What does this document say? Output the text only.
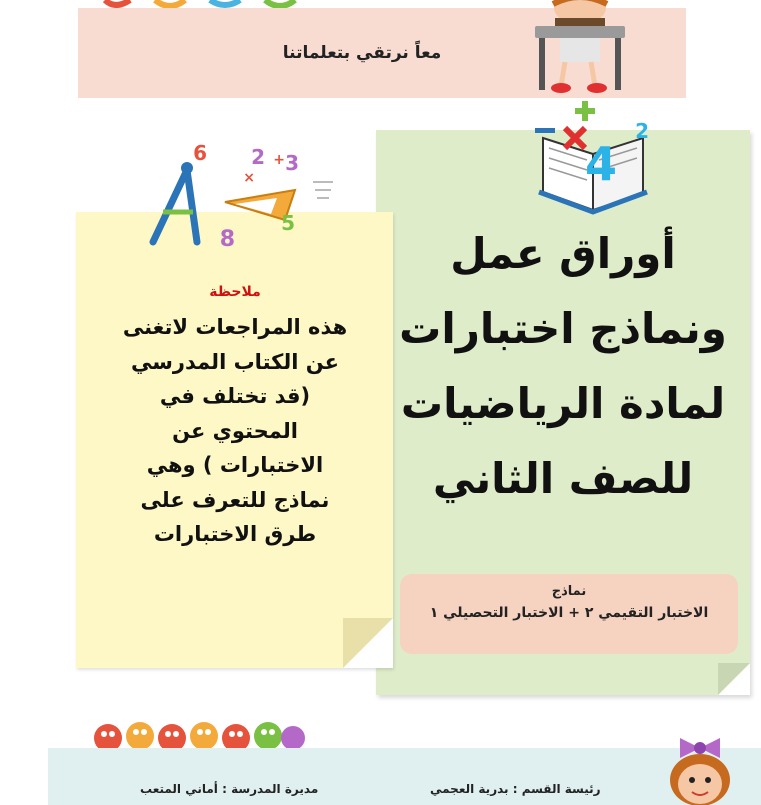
معاً نرتقي بتعلماتنا
4
2
6 2 + 3
×
8
5
أوراق عمل
ونماذج اختبارات
لمادة الرياضيات
للصف الثاني
ملاحظة
هذه المراجعات لاتغنى
عن الكتاب المدرسي
(قد تختلف في
المحتوي عن
الاختبارات ) وهي
نماذج للتعرف على
طرق الاختبارات
نماذج
الاختبار التقيمي ٢ + الاختبار التحصيلي ١
رئيسة القسم : بدرية العجمي
مديرة المدرسة : أماني المتعب
